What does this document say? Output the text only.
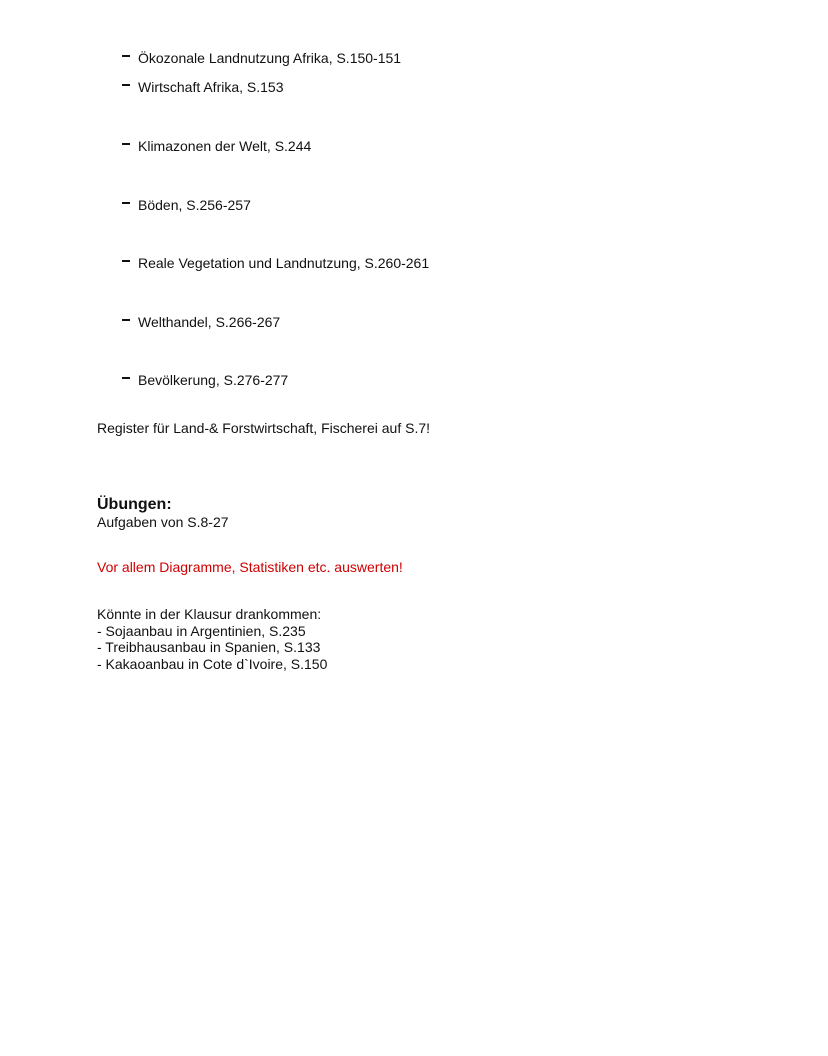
Ökozonale Landnutzung Afrika, S.150-151
Wirtschaft Afrika, S.153
Klimazonen der Welt, S.244
Böden, S.256-257
Reale Vegetation und Landnutzung, S.260-261
Welthandel, S.266-267
Bevölkerung, S.276-277
Register für Land-& Forstwirtschaft, Fischerei auf S.7!
Übungen:
Aufgaben von S.8-27
Vor allem Diagramme, Statistiken etc. auswerten!
Könnte in der Klausur drankommen:
- Sojaanbau in Argentinien, S.235
- Treibhausanbau in Spanien, S.133
- Kakaoanbau in Cote d`Ivoire, S.150
